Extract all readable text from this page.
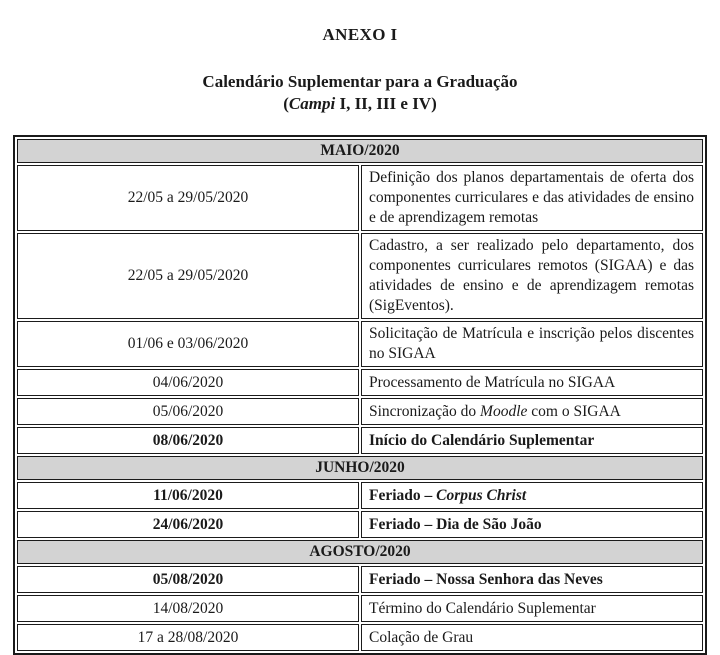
ANEXO I
Calendário Suplementar para a Graduação
(Campi I, II, III e IV)
MAIO/2020	
22/05 a 29/05/2020	Definição dos planos departamentais de oferta dos componentes curriculares e das atividades de ensino e de aprendizagem remotas
22/05 a 29/05/2020	Cadastro, a ser realizado pelo departamento, dos componentes curriculares remotos (SIGAA) e das atividades de ensino e de aprendizagem remotas (SigEventos).
01/06 e 03/06/2020	Solicitação de Matrícula e inscrição pelos discentes no SIGAA
04/06/2020	Processamento de Matrícula no SIGAA
05/06/2020	Sincronização do Moodle com o SIGAA
08/06/2020	Início do Calendário Suplementar
JUNHO/2020	
11/06/2020	Feriado – Corpus Christ
24/06/2020	Feriado – Dia de São João
AGOSTO/2020	
05/08/2020	Feriado – Nossa Senhora das Neves
14/08/2020	Término do Calendário Suplementar
17 a 28/08/2020	Colação de Grau
